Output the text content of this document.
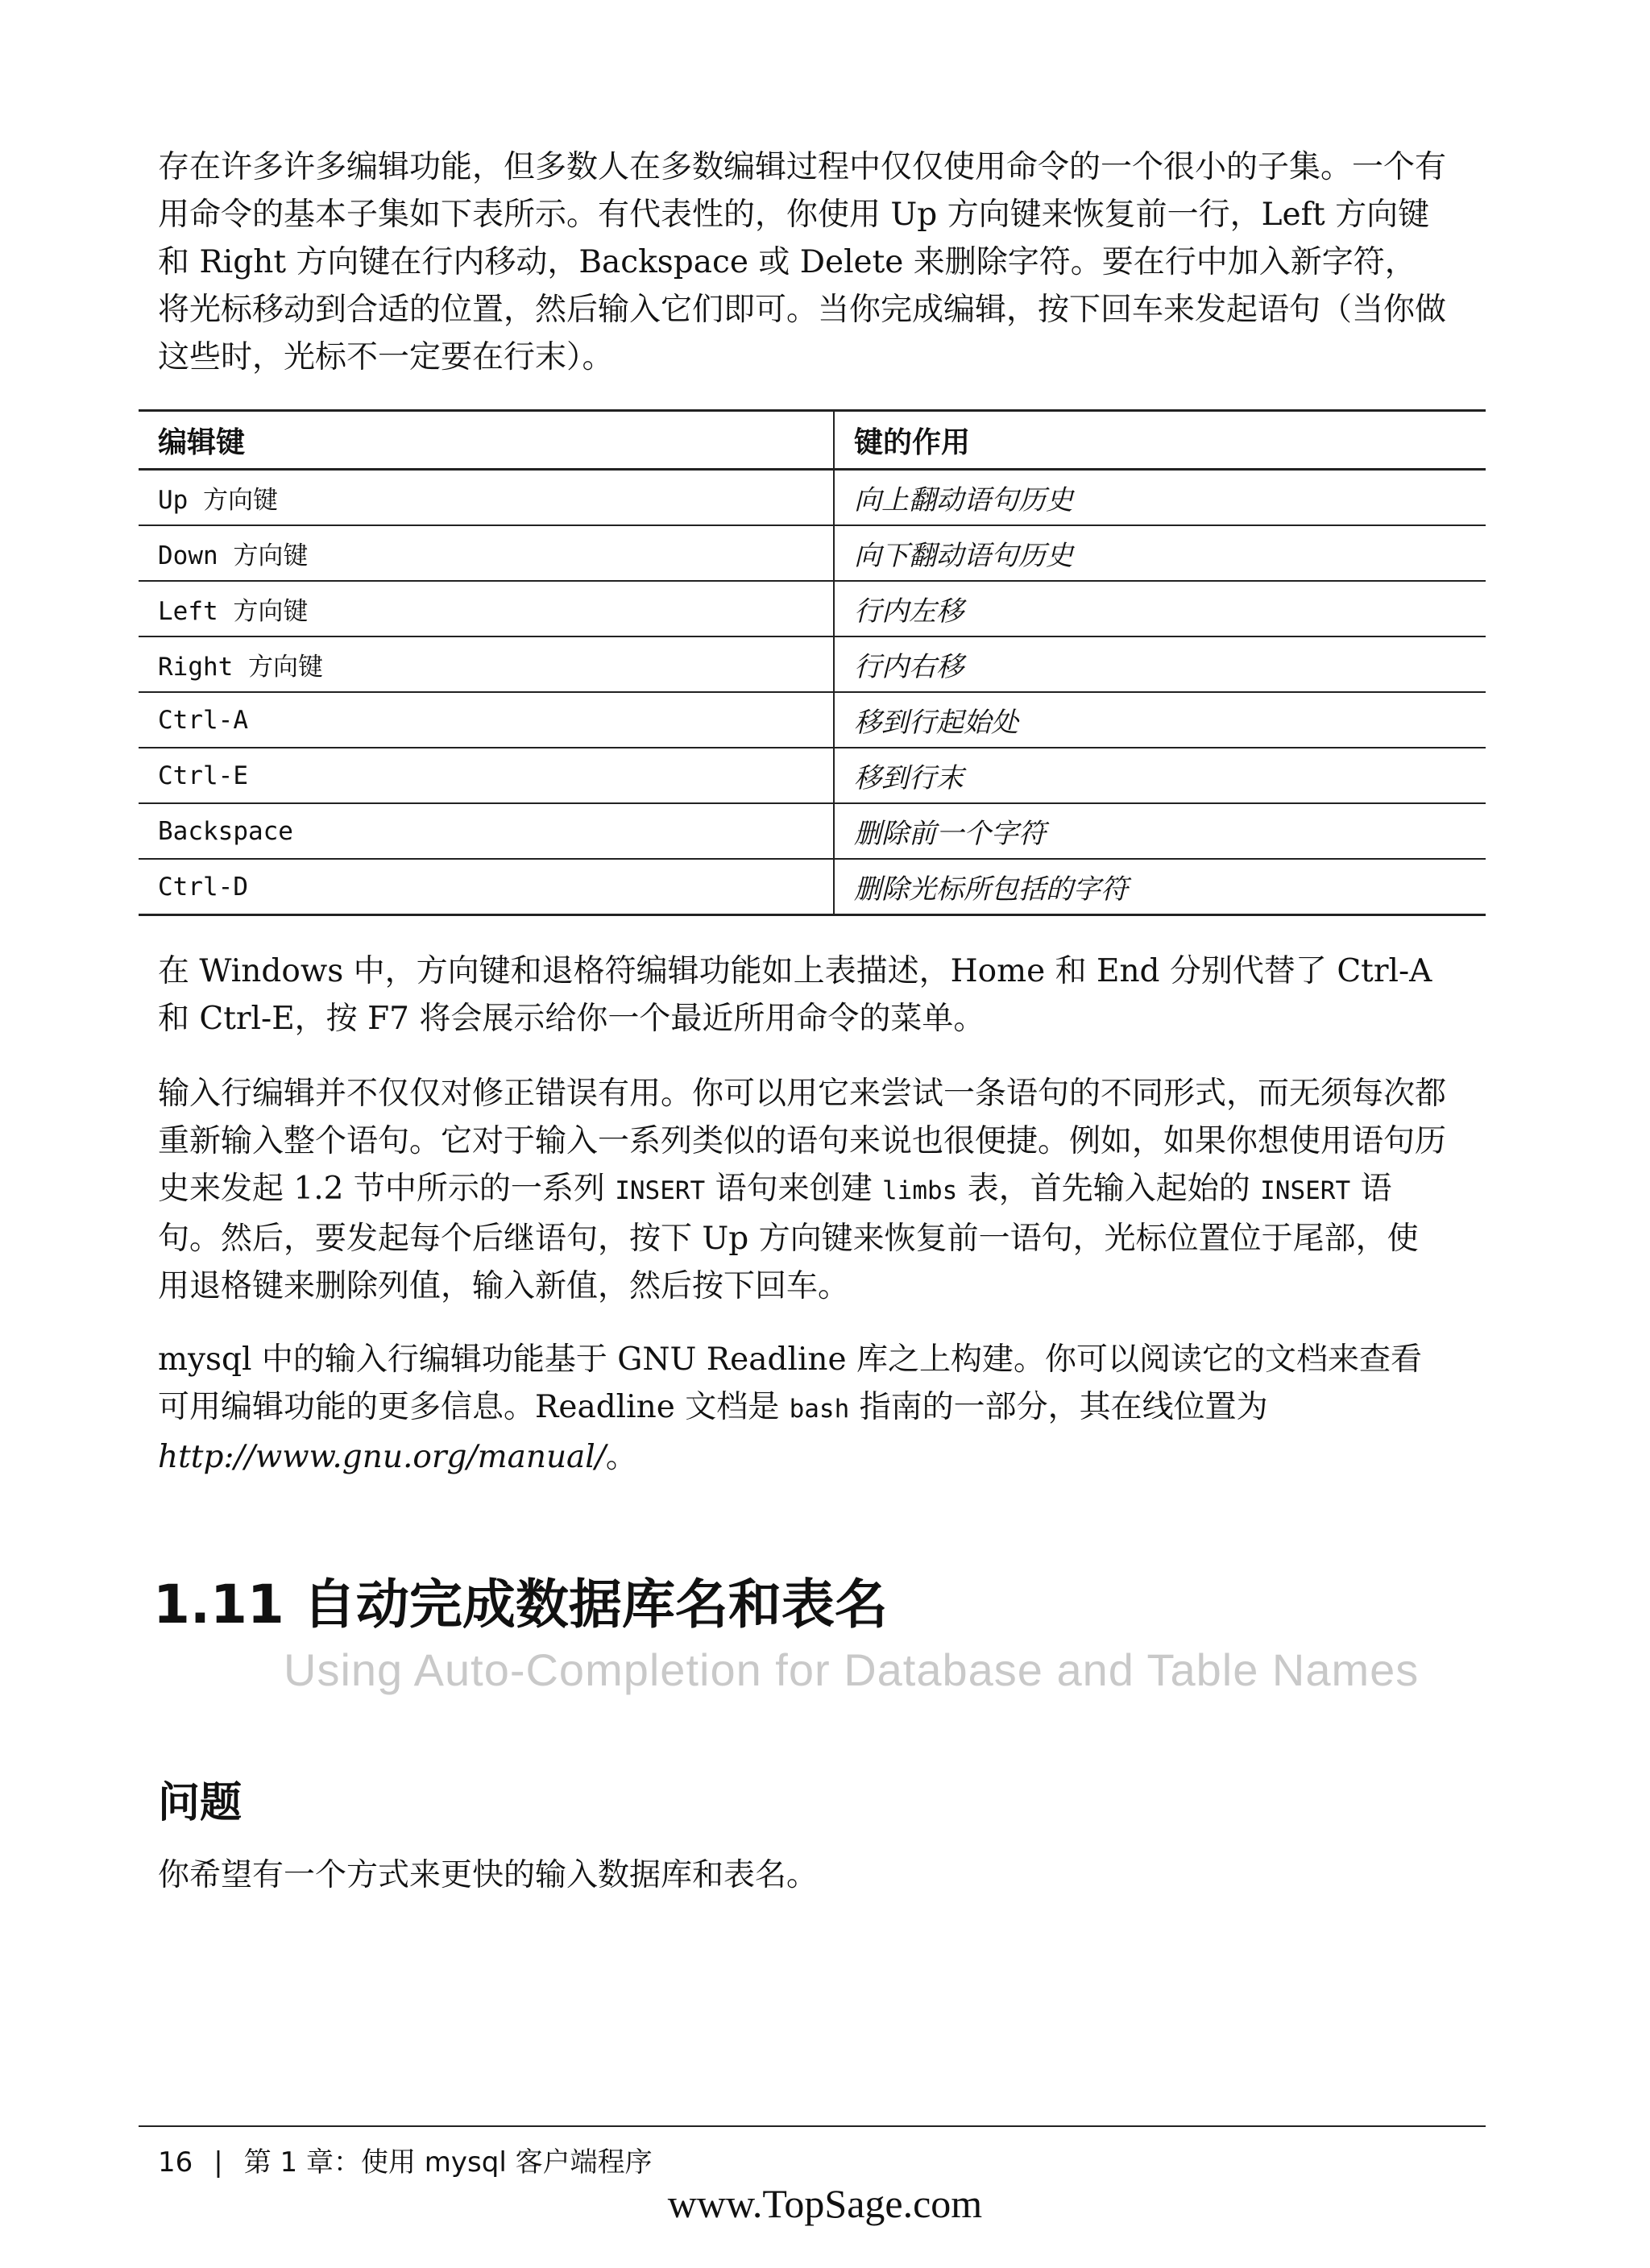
存在许多许多编辑功能，但多数人在多数编辑过程中仅仅使用命令的一个很小的子集。一个有用命令的基本子集如下表所示。有代表性的，你使用 Up 方向键来恢复前一行，Left 方向键和 Right 方向键在行内移动，Backspace 或 Delete 来删除字符。要在行中加入新字符，将光标移动到合适的位置，然后输入它们即可。当你完成编辑，按下回车来发起语句（当你做这些时，光标不一定要在行末）。

编辑键	键的作用
Up 方向键	向上翻动语句历史
Down 方向键	向下翻动语句历史
Left 方向键	行内左移
Right 方向键	行内右移
Ctrl-A	移到行起始处
Ctrl-E	移到行末
Backspace	删除前一个字符
Ctrl-D	删除光标所包括的字符

在 Windows 中，方向键和退格符编辑功能如上表描述，Home 和 End 分别代替了 Ctrl-A 和 Ctrl-E，按 F7 将会展示给你一个最近所用命令的菜单。

输入行编辑并不仅仅对修正错误有用。你可以用它来尝试一条语句的不同形式，而无须每次都重新输入整个语句。它对于输入一系列类似的语句来说也很便捷。例如，如果你想使用语句历史来发起 1.2 节中所示的一系列 INSERT 语句来创建 limbs 表，首先输入起始的 INSERT 语句。然后，要发起每个后继语句，按下 Up 方向键来恢复前一语句，光标位置位于尾部，使用退格键来删除列值，输入新值，然后按下回车。

mysql 中的输入行编辑功能基于 GNU Readline 库之上构建。你可以阅读它的文档来查看可用编辑功能的更多信息。Readline 文档是 bash 指南的一部分，其在线位置为 http://www.gnu.org/manual/。

1.11 自动完成数据库名和表名
Using Auto-Completion for Database and Table Names
问题

你希望有一个方式来更快的输入数据库和表名。

16 | 第 1 章：使用 mysql 客户端程序
www.TopSage.com
